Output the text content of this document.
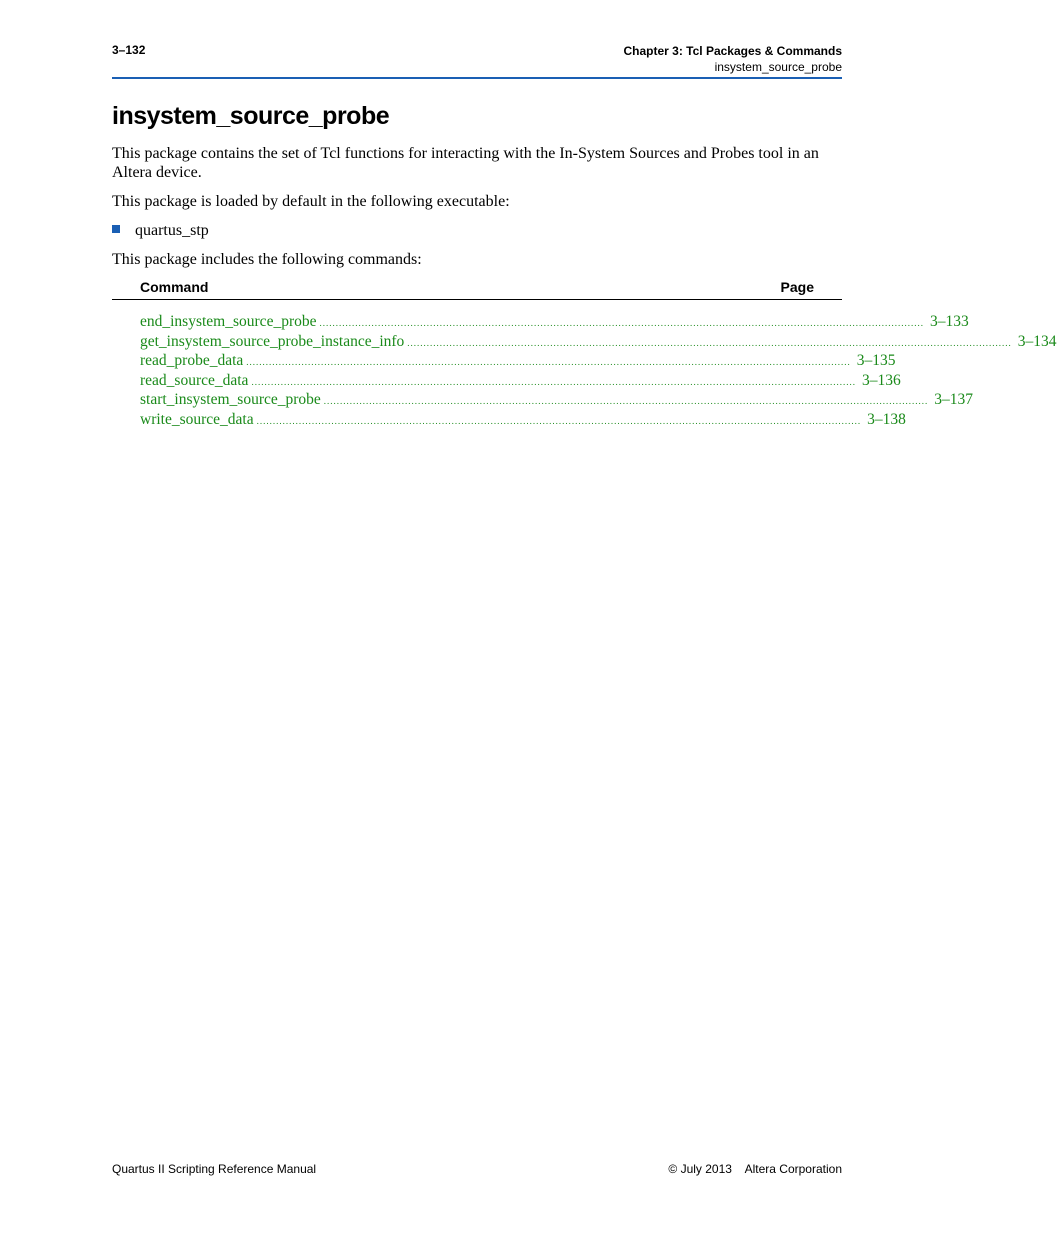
3–132	Chapter 3: Tcl Packages & Commands
insystem_source_probe
insystem_source_probe

This package contains the set of Tcl functions for interacting with the In-System Sources and Probes tool in an Altera device.

This package is loaded by default in the following executable:

quartus_stp

This package includes the following commands:

Command	Page
end_insystem_source_probe .......................................................................................................................................................................................... 3–133
get_insystem_source_probe_instance_info .......................................................................................................................................................................................... 3–134
read_probe_data .......................................................................................................................................................................................... 3–135
read_source_data .......................................................................................................................................................................................... 3–136
start_insystem_source_probe .......................................................................................................................................................................................... 3–137
write_source_data .......................................................................................................................................................................................... 3–138
Quartus II Scripting Reference Manual	© July 2013    Altera Corporation
